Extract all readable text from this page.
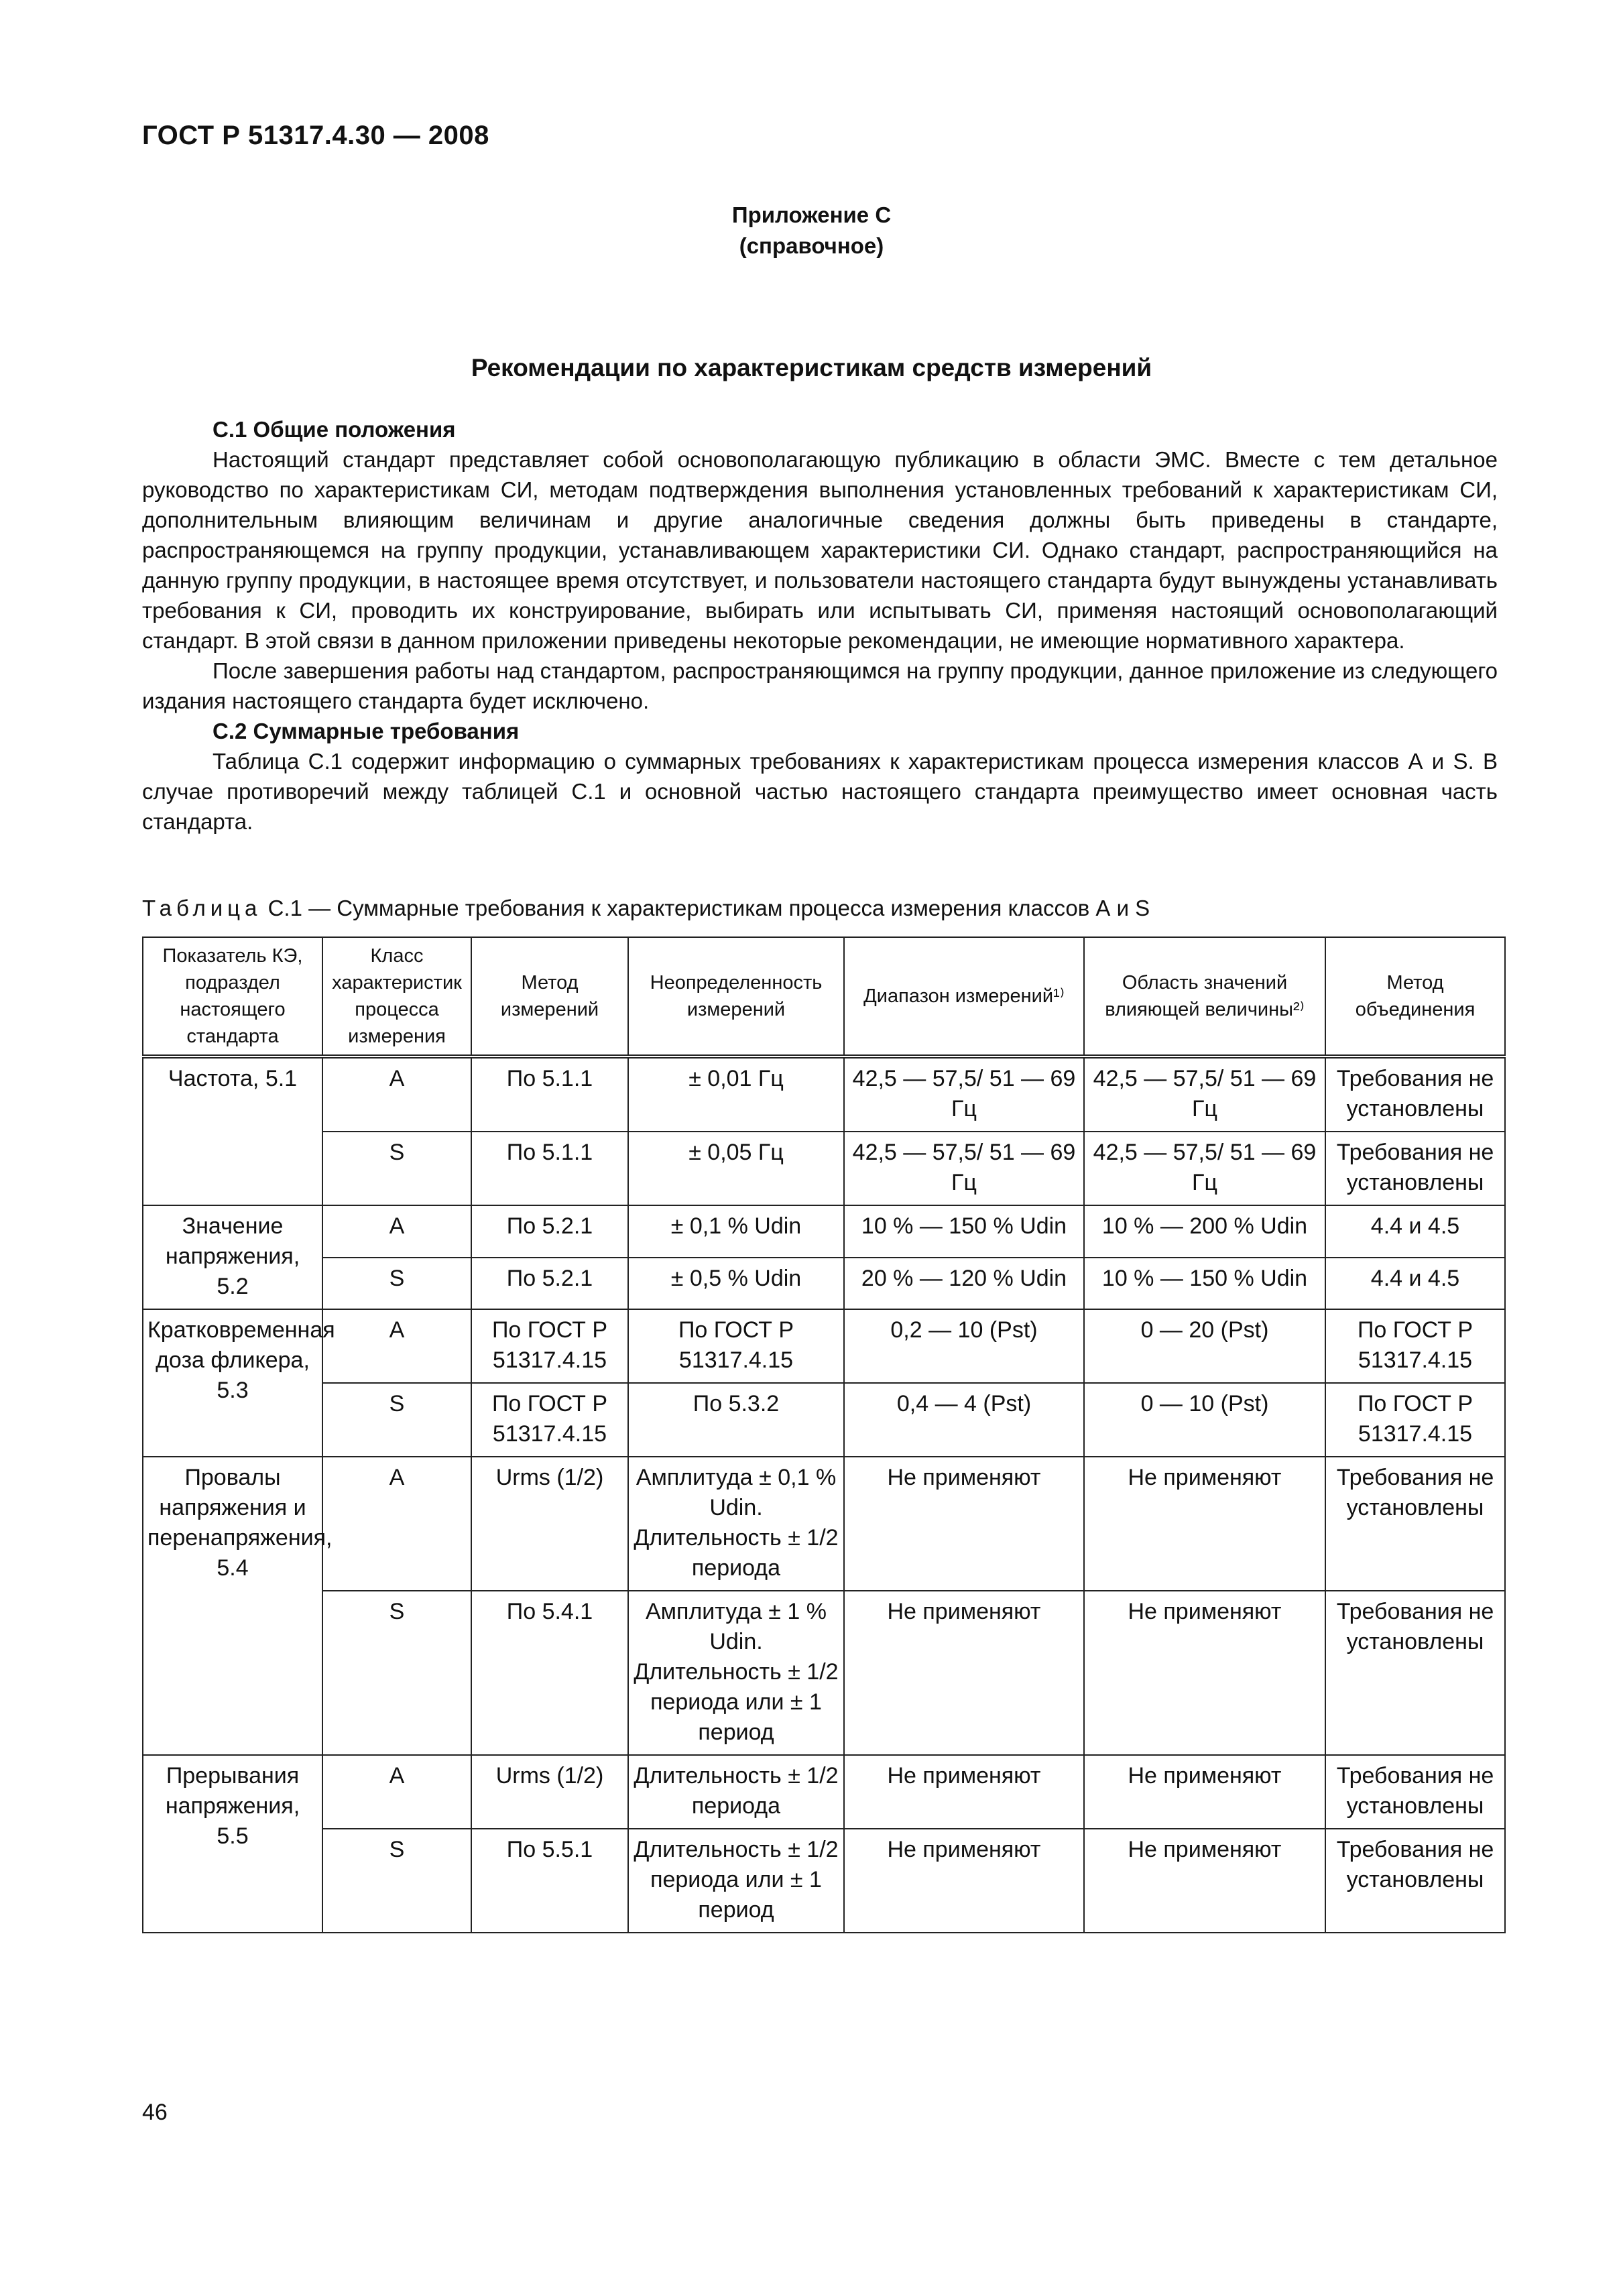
ГОСТ Р 51317.4.30 — 2008
Приложение С
(справочное)
Рекомендации по характеристикам средств измерений
С.1 Общие положения

Настоящий стандарт представляет собой основополагающую публикацию в области ЭМС. Вместе с тем детальное руководство по характеристикам СИ, методам подтверждения выполнения установленных требований к характеристикам СИ, дополнительным влияющим величинам и другие аналогичные сведения должны быть приведены в стандарте, распространяющемся на группу продукции, устанавливающем характеристики СИ. Однако стандарт, распространяющийся на данную группу продукции, в настоящее время отсутствует, и пользователи настоящего стандарта будут вынуждены устанавливать требования к СИ, проводить их конструирование, выбирать или испытывать СИ, применяя настоящий основополагающий стандарт. В этой связи в данном приложении приведены некоторые рекомендации, не имеющие нормативного характера.

После завершения работы над стандартом, распространяющимся на группу продукции, данное приложение из следующего издания настоящего стандарта будет исключено.

С.2 Суммарные требования

Таблица С.1 содержит информацию о суммарных требованиях к характеристикам процесса измерения классов А и S. В случае противоречий между таблицей С.1 и основной частью настоящего стандарта преимущество имеет основная часть стандарта.

Таблица С.1 — Суммарные требования к характеристикам процесса измерения классов А и S
Показатель КЭ, подраздел настоящего стандарта	Класс характеристик процесса измерения	Метод измерений	Неопределенность измерений	Диапазон измерений¹⁾	Область значений влияющей величины²⁾	Метод объединения
Частота, 5.1	А	По 5.1.1	± 0,01 Гц	42,5 — 57,5/ 51 — 69 Гц	42,5 — 57,5/ 51 — 69 Гц	Требования не установлены
	S	По 5.1.1	± 0,05 Гц	42,5 — 57,5/ 51 — 69 Гц	42,5 — 57,5/ 51 — 69 Гц	Требования не установлены
Значение напряжения, 5.2	А	По 5.2.1	± 0,1 % Udin	10 % — 150 % Udin	10 % — 200 % Udin	4.4 и 4.5
	S	По 5.2.1	± 0,5 % Udin	20 % — 120 % Udin	10 % — 150 % Udin	4.4 и 4.5
Кратковременная доза фликера, 5.3	А	По ГОСТ Р 51317.4.15	По ГОСТ Р 51317.4.15	0,2 — 10 (Pst)	0 — 20 (Pst)	По ГОСТ Р 51317.4.15
	S	По ГОСТ Р 51317.4.15	По 5.3.2	0,4 — 4 (Pst)	0 — 10 (Pst)	По ГОСТ Р 51317.4.15
Провалы напряжения и перенапряжения, 5.4	А	Urms (1/2)	Амплитуда ± 0,1 % Udin. Длительность ± 1/2 периода	Не применяют	Не применяют	Требования не установлены
	S	По 5.4.1	Амплитуда ± 1 % Udin. Длительность ± 1/2 периода или ± 1 период	Не применяют	Не применяют	Требования не установлены
Прерывания напряжения, 5.5	А	Urms (1/2)	Длительность ± 1/2 периода	Не применяют	Не применяют	Требования не установлены
	S	По 5.5.1	Длительность ± 1/2 периода или ± 1 период	Не применяют	Не применяют	Требования не установлены
46
